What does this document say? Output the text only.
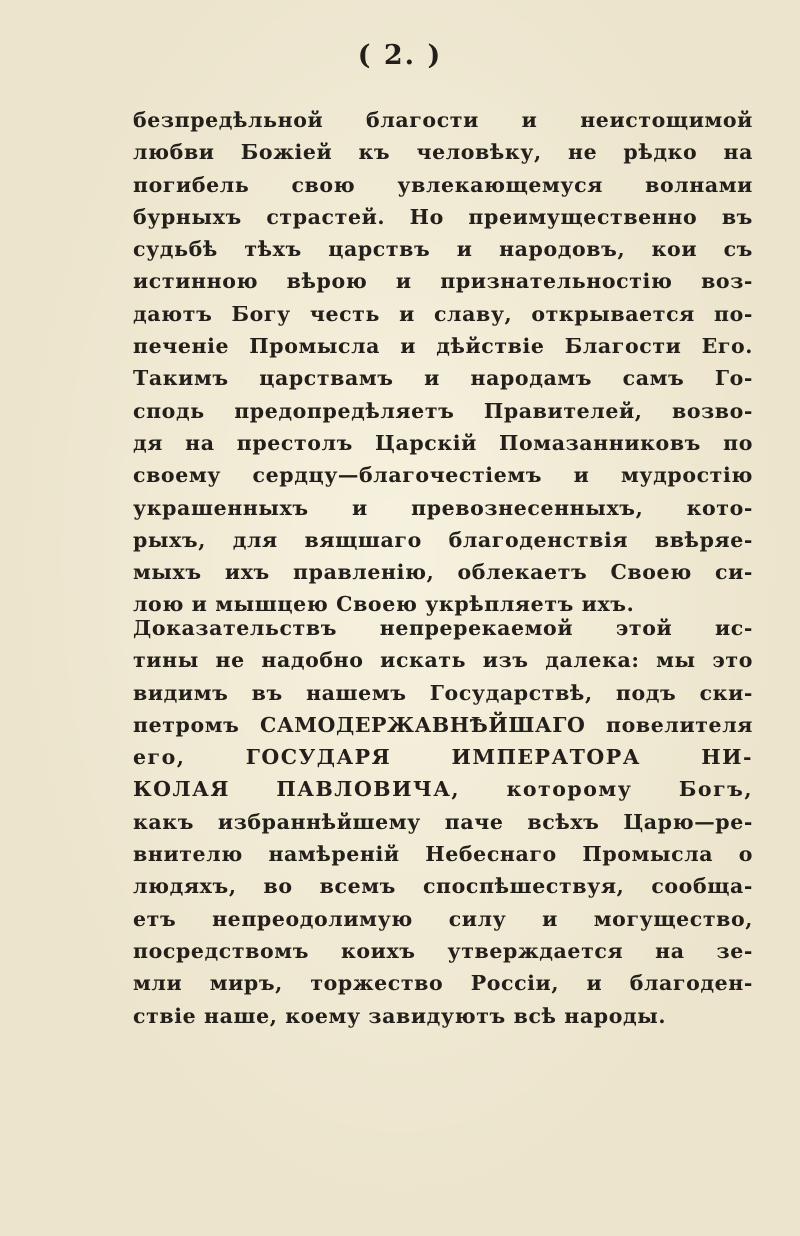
( 2. )
безпредѣльной благости и неистощимой
любви Божіей къ человѣку, не рѣдко на
погибель свою увлекающемуся волнами
бурныхъ страстей. Но преимущественно въ
судьбѣ тѣхъ царствъ и народовъ, кои съ
истинною вѣрою и признательностію воз-
даютъ Богу честь и славу, открывается по-
печеніе Промысла и дѣйствіе Благости Его.
Такимъ царствамъ и народамъ самъ Го-
сподь предопредѣляетъ Правителей, возво-
дя на престолъ Царскій Помазанниковъ по
своему сердцу—благочестіемъ и мудростію
украшенныхъ и превознесенныхъ, кото-
рыхъ, для вящшаго благоденствія ввѣряе-
мыхъ ихъ правленію, облекаетъ Своею си-
лою и мышцею Своею укрѣпляетъ ихъ.
Доказательствъ непререкаемой этой ис-
тины не надобно искать изъ далека: мы это
видимъ въ нашемъ Государствѣ, подъ ски-
петромъ САМОДЕРЖАВНѢЙШАГО повелителя
его, ГОСУДАРЯ ИМПЕРАТОРА НИ-
КОЛАЯ ПАВЛОВИЧА, которому Богъ,
какъ избраннѣйшему паче всѣхъ Царю—ре-
внителю намѣреній Небеснаго Промысла о
людяхъ, во всемъ споспѣшествуя, сообща-
етъ непреодолимую силу и могущество,
посредствомъ коихъ утверждается на зе-
мли миръ, торжество Россіи, и благоден-
ствіе наше, коему завидуютъ всѣ народы.
